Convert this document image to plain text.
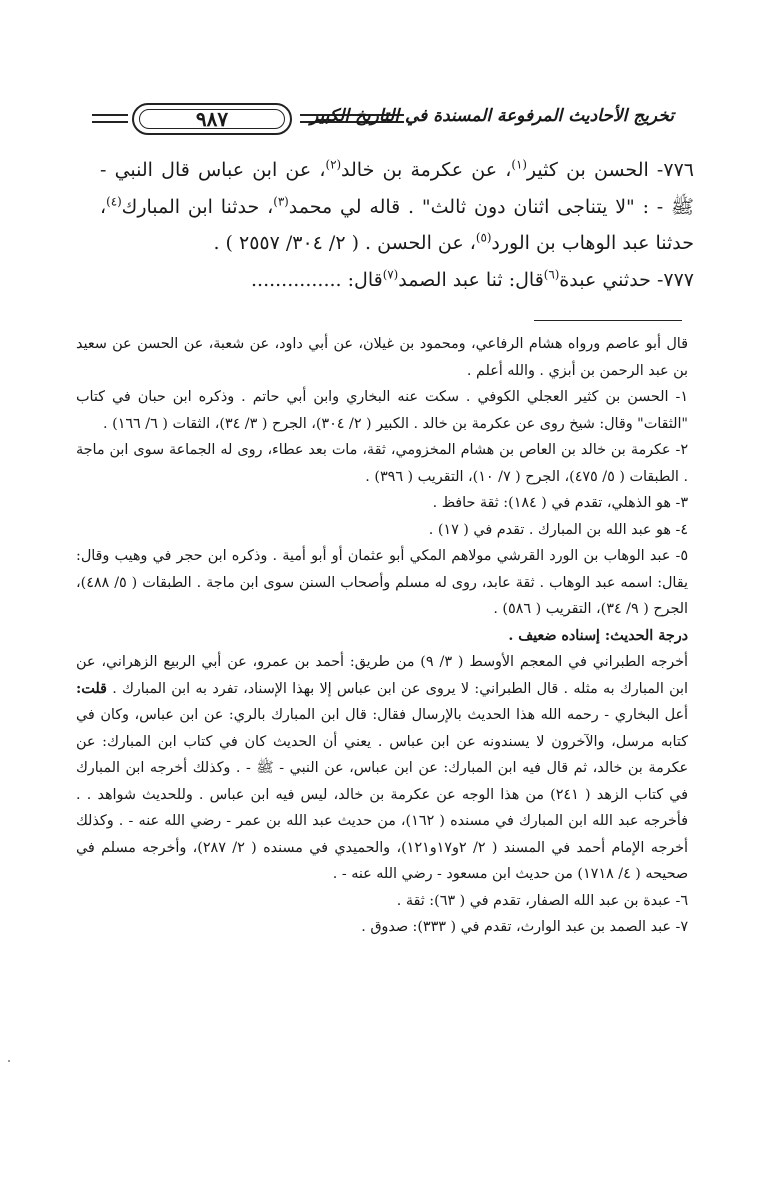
٩٨٧	تخريج الأحاديث المرفوعة المسندة في التاريخ الكبير

٧٧٦- الحسن بن كثير$^{(١)}$، عن عكرمة بن خالد$^{(٢)}$، عن ابن عباس قال النبي - ﷺ - : "لا يتناجى اثنان دون ثالث" . قاله لي محمد$^{(٣)}$، حدثنا ابن المبارك$^{(٤)}$، حدثنا عبد الوهاب بن الورد$^{(٥)}$، عن الحسن . ( ٢/ ٣٠٤/ ٢٥٥٧ ) .

٧٧٧- حدثني عبدة$^{(٦)}$قال: ثنا عبد الصمد$^{(٧)}$قال: ...............

قال أبو عاصم ورواه هشام الرفاعي، ومحمود بن غيلان، عن أبي داود، عن شعبة، عن الحسن عن سعيد بن عبد الرحمن بن أبزي . والله أعلم .

١- الحسن بن كثير العجلي الكوفي . سكت عنه البخاري وابن أبي حاتم . وذكره ابن حبان في كتاب "الثقات" وقال: شيخ روى عن عكرمة بن خالد . الكبير ( ٢/ ٣٠٤)، الجرح ( ٣/ ٣٤)، الثقات ( ٦/ ١٦٦) .

٢- عكرمة بن خالد بن العاص بن هشام المخزومي، ثقة، مات بعد عطاء، روى له الجماعة سوى ابن ماجة . الطبقات ( ٥/ ٤٧٥)، الجرح ( ٧/ ١٠)، التقريب ( ٣٩٦) .

٣- هو الذهلي، تقدم في ( ١٨٤): ثقة حافظ .

٤- هو عبد الله بن المبارك . تقدم في ( ١٧) .

٥- عبد الوهاب بن الورد القرشي مولاهم المكي أبو عثمان أو أبو أمية . وذكره ابن حجر في وهيب وقال: يقال: اسمه عبد الوهاب . ثقة عابد، روى له مسلم وأصحاب السنن سوى ابن ماجة . الطبقات ( ٥/ ٤٨٨)، الجرح ( ٩/ ٣٤)، التقريب ( ٥٨٦) .

درجة الحديث: إسناده ضعيف .

أخرجه الطبراني في المعجم الأوسط ( ٣/ ٩) من طريق: أحمد بن عمرو، عن أبي الربيع الزهراني، عن ابن المبارك به مثله . قال الطبراني: لا يروى عن ابن عباس إلا بهذا الإسناد، تفرد به ابن المبارك . قلت: أعل البخاري - رحمه الله هذا الحديث بالإرسال فقال: قال ابن المبارك بالري: عن ابن عباس، وكان في كتابه مرسل، والآخرون لا يسندونه عن ابن عباس . يعني أن الحديث كان في كتاب ابن المبارك: عن عكرمة بن خالد، ثم قال فيه ابن المبارك: عن ابن عباس، عن النبي - ﷺ - . وكذلك أخرجه ابن المبارك في كتاب الزهد ( ٢٤١) من هذا الوجه عن عكرمة بن خالد، ليس فيه ابن عباس . وللحديث شواهد . . فأخرجه عبد الله ابن المبارك في مسنده ( ١٦٢)، من حديث عبد الله بن عمر - رضي الله عنه - . وكذلك أخرجه الإمام أحمد في المسند ( ٢/ ٢و١٧و١٢١)، والحميدي في مسنده ( ٢/ ٢٨٧)، وأخرجه مسلم في صحيحه ( ٤/ ١٧١٨) من حديث ابن مسعود - رضي الله عنه - .

٦- عبدة بن عبد الله الصفار، تقدم في ( ٦٣): ثقة .

٧- عبد الصمد بن عبد الوارث، تقدم في ( ٣٣٣): صدوق .
